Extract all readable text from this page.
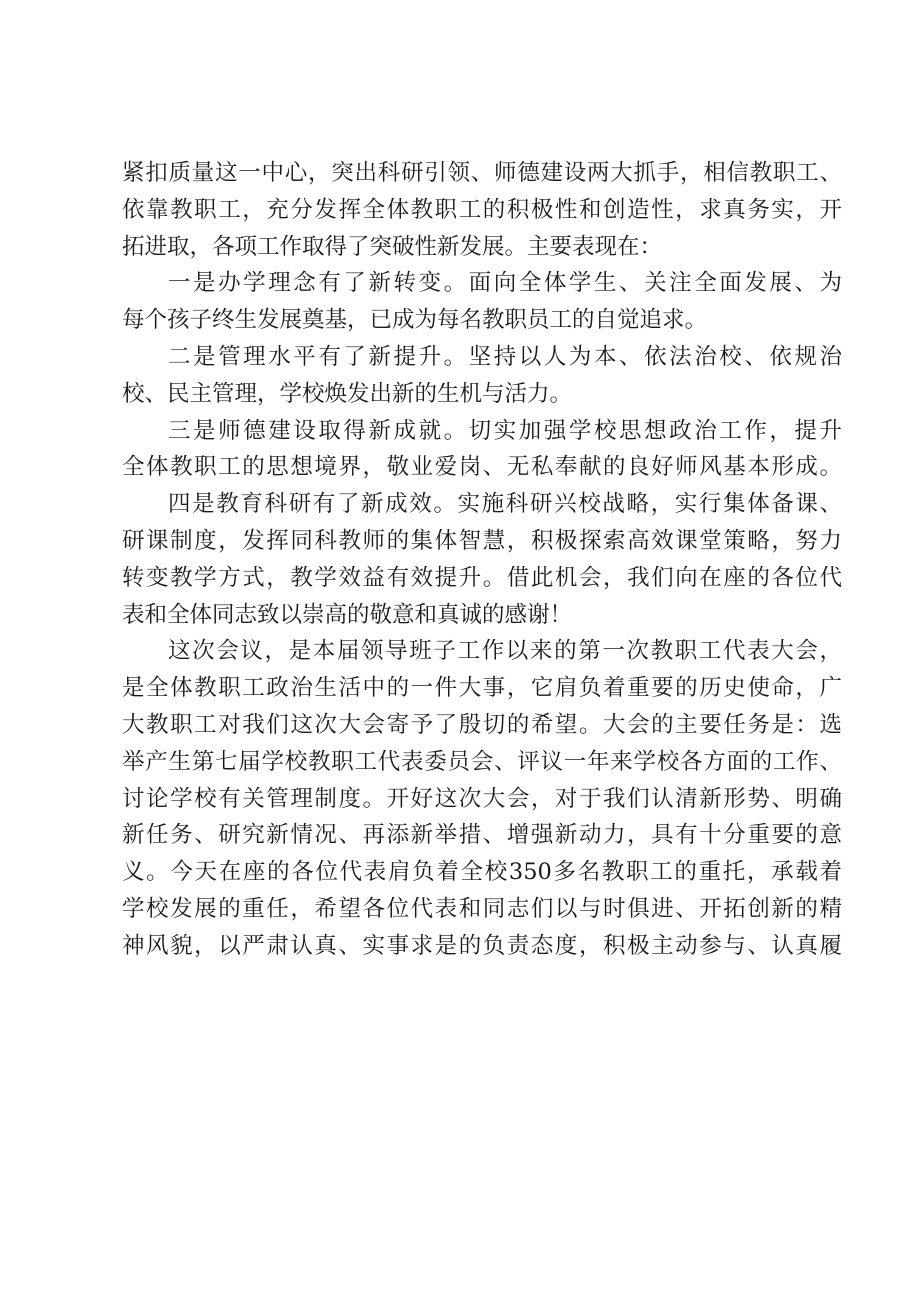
紧扣质量这一中心，突出科研引领、师德建设两大抓手，相信教职工、
依靠教职工，充分发挥全体教职工的积极性和创造性，求真务实，开
拓进取，各项工作取得了突破性新发展。主要表现在：
一是办学理念有了新转变。面向全体学生、关注全面发展、为
每个孩子终生发展奠基，已成为每名教职员工的自觉追求。
二是管理水平有了新提升。坚持以人为本、依法治校、依规治
校、民主管理，学校焕发出新的生机与活力。
三是师德建设取得新成就。切实加强学校思想政治工作，提升
全体教职工的思想境界，敬业爱岗、无私奉献的良好师风基本形成。
四是教育科研有了新成效。实施科研兴校战略，实行集体备课、
研课制度，发挥同科教师的集体智慧，积极探索高效课堂策略，努力
转变教学方式，教学效益有效提升。借此机会，我们向在座的各位代
表和全体同志致以崇高的敬意和真诚的感谢！
这次会议，是本届领导班子工作以来的第一次教职工代表大会，
是全体教职工政治生活中的一件大事，它肩负着重要的历史使命，广
大教职工对我们这次大会寄予了殷切的希望。大会的主要任务是：选
举产生第七届学校教职工代表委员会、评议一年来学校各方面的工作、
讨论学校有关管理制度。开好这次大会，对于我们认清新形势、明确
新任务、研究新情况、再添新举措、增强新动力，具有十分重要的意
义。今天在座的各位代表肩负着全校350多名教职工的重托，承载着
学校发展的重任，希望各位代表和同志们以与时俱进、开拓创新的精
神风貌，以严肃认真、实事求是的负责态度，积极主动参与、认真履
